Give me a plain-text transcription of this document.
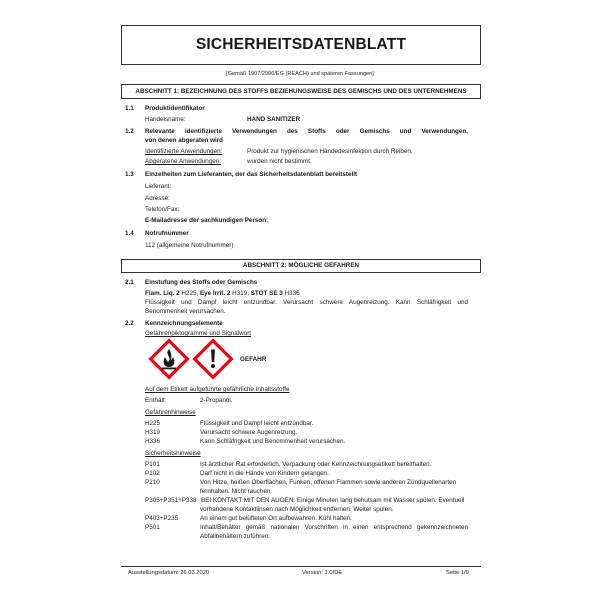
SICHERHEITSDATENBLATT
[Gemäß 1907/2006/EG (REACH) und späteren Fassungen]
ABSCHNITT 1: BEZEICHNUNG DES STOFFS BEZIEHUNGSWEISE DES GEMISCHS UND DES UNTERNEHMENS
1.1 Produktidentifikator
Handelsname:	HAND SANITIZER
1.2 Relevante identifizierte Verwendungen des Stoffs oder Gemischs und Verwendungen,
von denen abgeraten wird
Identifizierte Anwendungen:	Produkt zur hygienischen Händedesinfektion durch Reiben.
Abgeratene Anwendungen:	wurden nicht bestimmt.
1.3 Einzelheiten zum Lieferanten, der das Sicherheitsdatenblatt bereitstellt
Lieferant:
Adresse:
Telefon/Fax:
E-Mailadresse der sachkundigen Person:
1.4 Notrufnummer
112 (allgemeine Notrufnummer)
ABSCHNITT 2: MÖGLICHE GEFAHREN
2.1 Einstufung des Stoffs oder Gemischs
Flam. Liq. 2 H225, Eye Irrit. 2 H319, STOT SE 3 H336
Flüssigkeit und Dampf leicht entzündbar. Verursacht schwere Augenreizung. Kann Schläfrigkeit und
Benommenheit verursachen.
2.2 Kennzeichnungselemente
Gefahrenpiktogramme und Signalwort
GEFAHR
Auf dem Etikett aufgeführte gefährliche Inhaltsstoffe
Enthält:	2-Propanol.
Gefahrenhinweise
H225	Flüssigkeit und Dampf leicht entzündbar.
H319	Verursacht schwere Augenreizung.
H336	Kann Schläfrigkeit und Benommenheit verursachen.
Sicherheitshinweise
P101	Ist ärztlicher Rat erforderlich, Verpackung oder Kennzeichnungsetikett bereithalten.
P102	Darf nicht in die Hände von Kindern gelangen.
P210	Von Hitze, heißen Oberflächen, Funken, offenen Flammen sowie anderen Zündquellenarten
fernhalten. Nicht rauchen.
P305+P351+P338 BEI KONTAKT MIT DEN AUGEN: Einige Minuten lang behutsam mit Wasser spülen. Eventuell
vorhandene Kontaktlinsen nach Möglichkeit entfernen. Weiter spülen.
P403+P235	An einem gut belüfteten Ort aufbewahren. Kühl halten.
P501	Inhalt/Behälter gemäß nationalen Vorschriften in einen entsprechend gekennzeichneten
Abfallbehältern zuführen.
Ausstellungsdatum: 26.03.2020	Version: 1.0/DE	Seite 1/9
